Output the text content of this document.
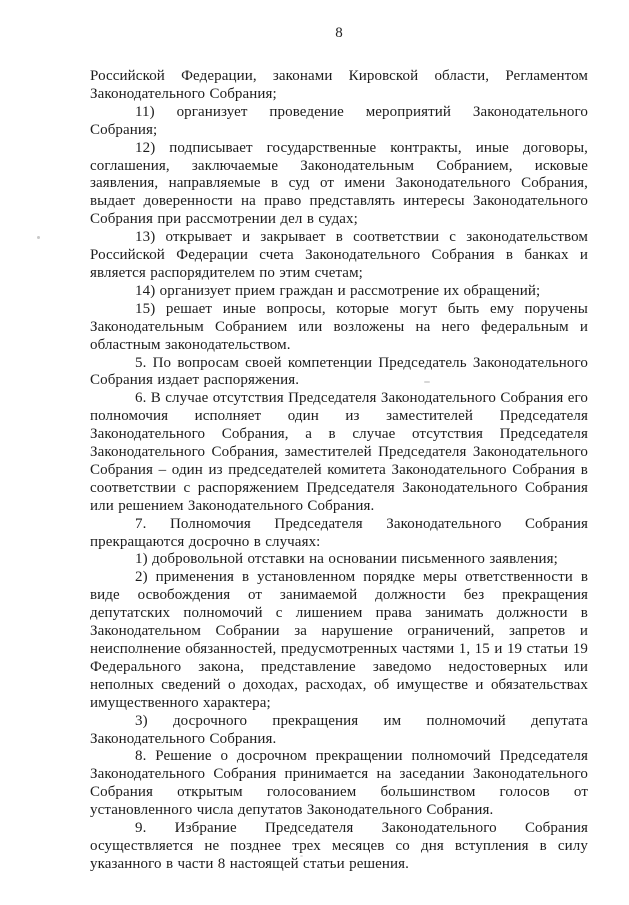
8

Российской Федерации, законами Кировской области, Регламентом Законодательного Собрания;

11) организует проведение мероприятий Законодательного Собрания;

12) подписывает государственные контракты, иные договоры, соглашения, заключаемые Законодательным Собранием, исковые заявления, направляемые в суд от имени Законодательного Собрания, выдает доверенности на право представлять интересы Законодательного Собрания при рассмотрении дел в судах;

13) открывает и закрывает в соответствии с законодательством Российской Федерации счета Законодательного Собрания в банках и является распорядителем по этим счетам;

14) организует прием граждан и рассмотрение их обращений;

15) решает иные вопросы, которые могут быть ему поручены Законодательным Собранием или возложены на него федеральным и областным законодательством.

5. По вопросам своей компетенции Председатель Законодательного Собрания издает распоряжения.

6. В случае отсутствия Председателя Законодательного Собрания его полномочия исполняет один из заместителей Председателя Законодательного Собрания, а в случае отсутствия Председателя Законодательного Собрания, заместителей Председателя Законодательного Собрания – один из председателей комитета Законодательного Собрания в соответствии с распоряжением Председателя Законодательного Собрания или решением Законодательного Собрания.

7. Полномочия Председателя Законодательного Собрания прекращаются досрочно в случаях:

1) добровольной отставки на основании письменного заявления;

2) применения в установленном порядке меры ответственности в виде освобождения от занимаемой должности без прекращения депутатских полномочий с лишением права занимать должности в Законодательном Собрании за нарушение ограничений, запретов и неисполнение обязанностей, предусмотренных частями 1, 15 и 19 статьи 19 Федерального закона, представление заведомо недостоверных или неполных сведений о доходах, расходах, об имуществе и обязательствах имущественного характера;

3) досрочного прекращения им полномочий депутата Законодательного Собрания.

8. Решение о досрочном прекращении полномочий Председателя Законодательного Собрания принимается на заседании Законодательного Собрания открытым голосованием большинством голосов от установленного числа депутатов Законодательного Собрания.

9. Избрание Председателя Законодательного Собрания осуществляется не позднее трех месяцев со дня вступления в силу указанного в части 8 настоящей статьи решения.
